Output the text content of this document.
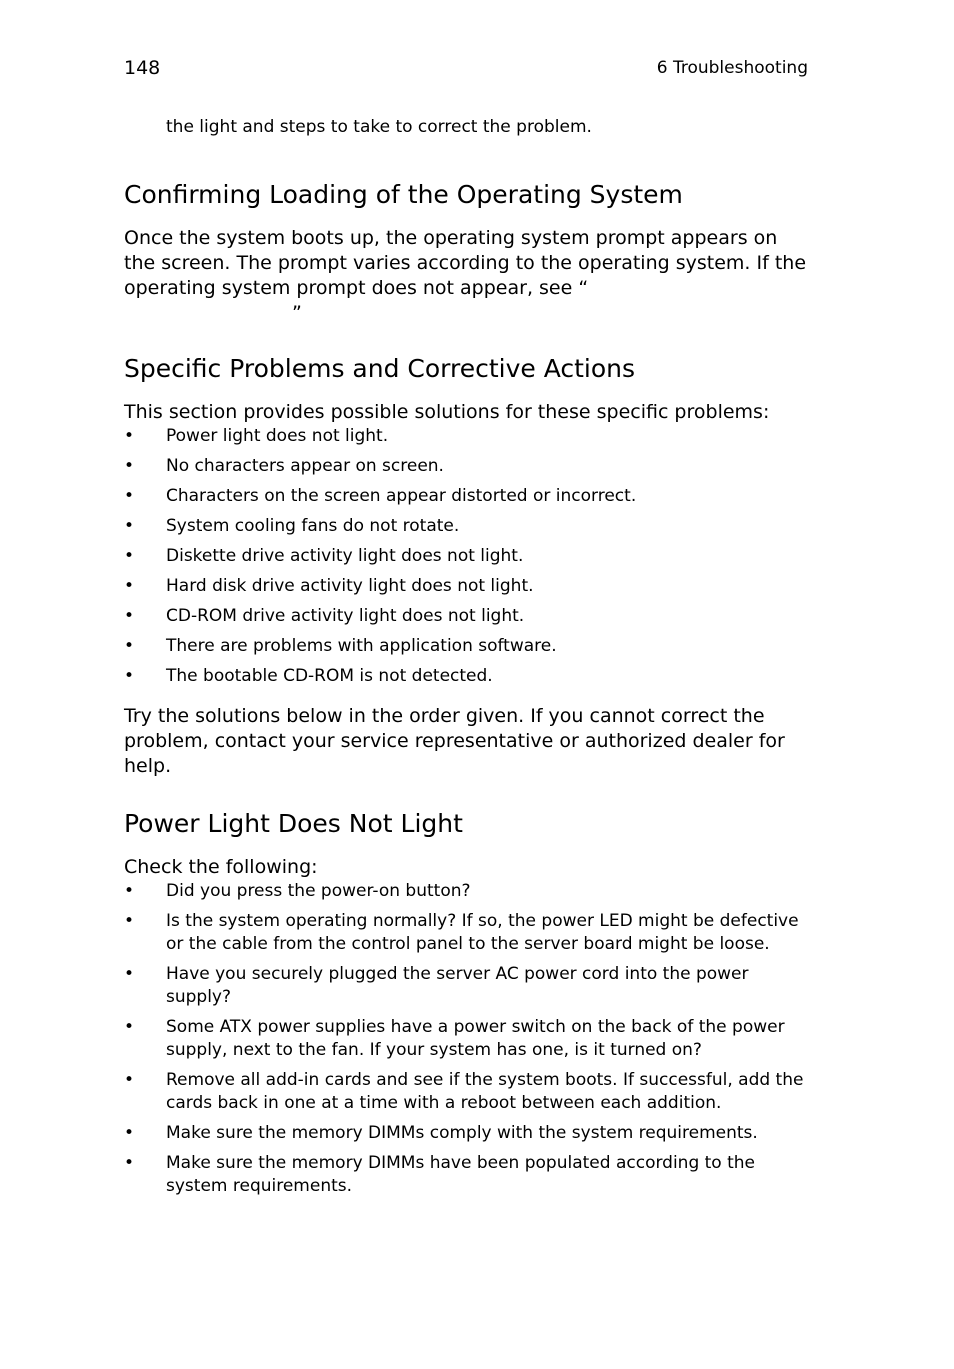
148	6 Troubleshooting

the light and steps to take to correct the problem.

Confirming Loading of the Operating System

Once the system boots up, the operating system prompt appears on the screen. The prompt varies according to the operating system. If the operating system prompt does not appear, see “
”

Specific Problems and Corrective Actions

This section provides possible solutions for these specific problems:

• Power light does not light.
• No characters appear on screen.
• Characters on the screen appear distorted or incorrect.
• System cooling fans do not rotate.
• Diskette drive activity light does not light.
• Hard disk drive activity light does not light.
• CD-ROM drive activity light does not light.
• There are problems with application software.
• The bootable CD-ROM is not detected.

Try the solutions below in the order given. If you cannot correct the problem, contact your service representative or authorized dealer for help.

Power Light Does Not Light

Check the following:

• Did you press the power-on button?
• Is the system operating normally? If so, the power LED might be defective or the cable from the control panel to the server board might be loose.
• Have you securely plugged the server AC power cord into the power supply?
• Some ATX power supplies have a power switch on the back of the power supply, next to the fan. If your system has one, is it turned on?
• Remove all add-in cards and see if the system boots. If successful, add the cards back in one at a time with a reboot between each addition.
• Make sure the memory DIMMs comply with the system requirements.
• Make sure the memory DIMMs have been populated according to the system requirements.
